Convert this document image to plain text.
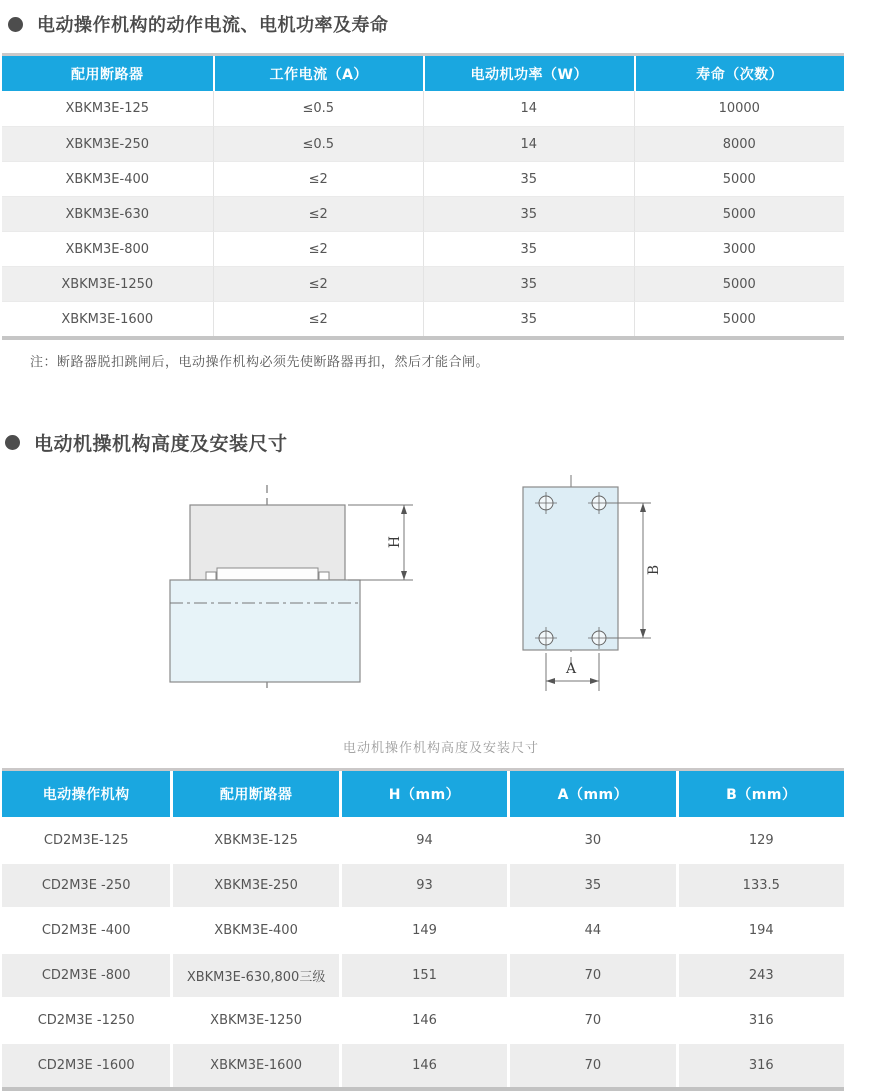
电动操作机构的动作电流、电机功率及寿命
配用断路器	工作电流（A）	电动机功率（W）	寿命（次数）
XBKM3E-125	≤0.5	14	10000
XBKM3E-250	≤0.5	14	8000
XBKM3E-400	≤2	35	5000
XBKM3E-630	≤2	35	5000
XBKM3E-800	≤2	35	3000
XBKM3E-1250	≤2	35	5000
XBKM3E-1600	≤2	35	5000
注：断路器脱扣跳闸后，电动操作机构必须先使断路器再扣，然后才能合闸。
电动机操机构高度及安装尺寸
H
B
A
电动机操作机构高度及安装尺寸
电动操作机构	配用断路器	H（mm）	A（mm）	B（mm）
CD2M3E-125	XBKM3E-125	94	30	129
CD2M3E -250	XBKM3E-250	93	35	133.5
CD2M3E -400	XBKM3E-400	149	44	194
CD2M3E -800	XBKM3E-630,800三级	151	70	243
CD2M3E -1250	XBKM3E-1250	146	70	316
CD2M3E -1600	XBKM3E-1600	146	70	316
